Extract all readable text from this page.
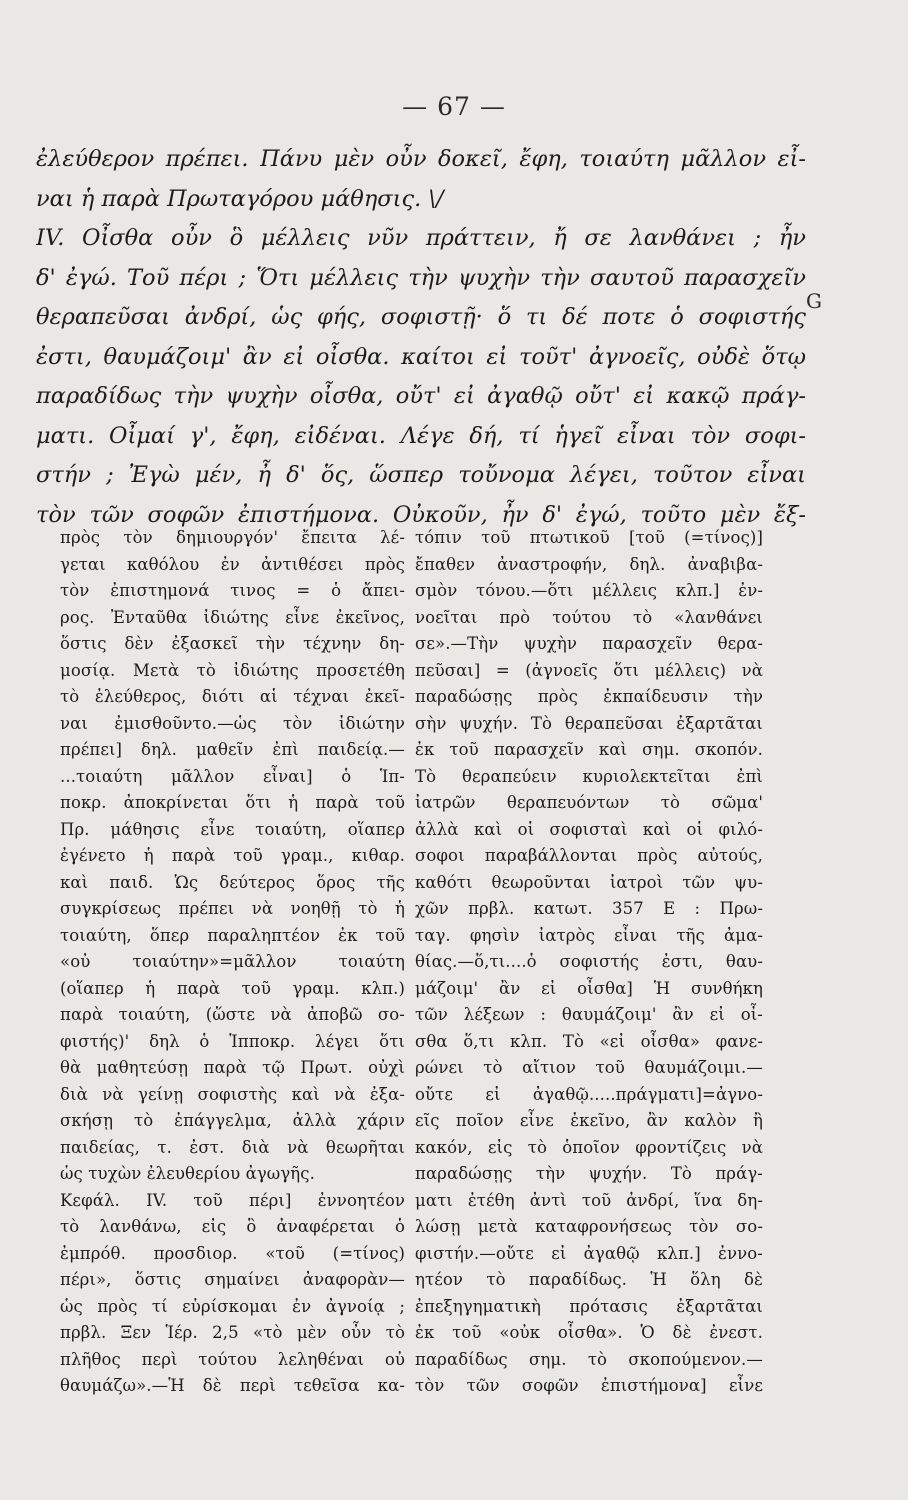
— 67 —
ἐλεύθερον πρέπει. Πάνυ μὲν οὖν δοκεῖ, ἔφη, τοιαύτη μᾶλλον εἶ-
ναι ἡ παρὰ Πρωταγόρου μάθησις. \/
IV. Οἶσθα οὖν ὃ μέλλεις νῦν πράττειν, ἤ σε λανθάνει ; ἦν
δ' ἐγώ. Τοῦ πέρι ; Ὅτι μέλλεις τὴν ψυχὴν τὴν σαυτοῦ παρασχεῖν
θεραπεῦσαι ἀνδρί, ὡς φής, σοφιστῇ· ὅ τι δέ ποτε ὁ σοφιστής
ἐστι, θαυμάζοιμ' ἂν εἰ οἶσθα. καίτοι εἰ τοῦτ' ἀγνοεῖς, οὐδὲ ὅτῳ
παραδίδως τὴν ψυχὴν οἶσθα, οὔτ' εἰ ἀγαθῷ οὔτ' εἰ κακῷ πράγ-
ματι. Οἶμαί γ', ἔφη, εἰδέναι. Λέγε δή, τί ἡγεῖ εἶναι τὸν σοφι-
στήν ; Ἐγὼ μέν, ἦ δ' ὅς, ὥσπερ τοὔνομα λέγει, τοῦτον εἶναι
τὸν τῶν σοφῶν ἐπιστήμονα. Οὐκοῦν, ἦν δ' ἐγώ, τοῦτο μὲν ἔξ-
G
πρὸς τὸν δημιουργόν' ἔπειτα λέ-
γεται καθόλου ἐν ἀντιθέσει πρὸς
τὸν ἐπιστημονά τινος = ὁ ἄπει-
ρος. Ἐνταῦθα ἰδιώτης εἶνε ἐκεῖνος,
ὅστις δὲν ἐξασκεῖ τὴν τέχνην δη-
μοσίᾳ. Μετὰ τὸ ἰδιώτης προσετέθη
τὸ ἐλεύθερος, διότι αἱ τέχναι ἐκεῖ-
ναι ἐμισθοῦντο.—ὡς τὸν ἰδιώτην
πρέπει] δηλ. μαθεῖν ἐπὶ παιδείᾳ.—
...τοιαύτη μᾶλλον εἶναι] ὁ Ἱπ-
ποκρ. ἀποκρίνεται ὅτι ἡ παρὰ τοῦ
Πρ. μάθησις εἶνε τοιαύτη, οἵαπερ
ἐγένετο ἡ παρὰ τοῦ γραμ., κιθαρ.
καὶ παιδ. Ὡς δεύτερος ὅρος τῆς
συγκρίσεως πρέπει νὰ νοηθῇ τὸ ἡ
τοιαύτη, ὅπερ παραληπτέον ἐκ τοῦ
«οὐ τοιαύτην»=μᾶλλον τοιαύτη
(οἵαπερ ἡ παρὰ τοῦ γραμ. κλπ.)
παρὰ τοιαύτη, (ὥστε νὰ ἀποβῶ σο-
φιστής)' δηλ ὁ Ἱπποκρ. λέγει ὅτι
θὰ μαθητεύσῃ παρὰ τῷ Πρωτ. οὐχὶ
διὰ νὰ γείνῃ σοφιστὴς καὶ νὰ ἐξα-
σκήσῃ τὸ ἐπάγγελμα, ἀλλὰ χάριν
παιδείας, τ. ἐστ. διὰ νὰ θεωρῆται
ὡς τυχὼν ἐλευθερίου ἀγωγῆς.
Κεφάλ. IV. τοῦ πέρι] ἐννοητέον
τὸ λανθάνω, εἰς ὃ ἀναφέρεται ὁ
ἐμπρόθ. προσδιορ. «τοῦ (=τίνος)
πέρι», ὅστις σημαίνει ἀναφορὰν—
ὡς πρὸς τί εὑρίσκομαι ἐν ἀγνοίᾳ ;
πρβλ. Ξεν Ἱέρ. 2,5 «τὸ μὲν οὖν τὸ
πλῆθος περὶ τούτου λεληθέναι οὐ
θαυμάζω».—Ἡ δὲ περὶ τεθεῖσα κα-
τόπιν τοῦ πτωτικοῦ [τοῦ (=τίνος)]
ἔπαθεν ἀναστροφήν, δηλ. ἀναβιβα-
σμὸν τόνου.—ὅτι μέλλεις κλπ.] ἐν-
νοεῖται πρὸ τούτου τὸ «λανθάνει
σε».—Τὴν ψυχὴν παρασχεῖν θερα-
πεῦσαι] = (ἀγνοεῖς ὅτι μέλλεις) νὰ
παραδώσῃς πρὸς ἐκπαίδευσιν τὴν
σὴν ψυχήν. Τὸ θεραπεῦσαι ἐξαρτᾶται
ἐκ τοῦ παρασχεῖν καὶ σημ. σκοπόν.
Τὸ θεραπεύειν κυριολεκτεῖται ἐπὶ
ἰατρῶν θεραπευόντων τὸ σῶμα'
ἀλλὰ καὶ οἱ σοφισταὶ καὶ οἱ φιλό-
σοφοι παραβάλλονται πρὸς αὐτούς,
καθότι θεωροῦνται ἰατροὶ τῶν ψυ-
χῶν πρβλ. κατωτ. 357 Ε : Πρω-
ταγ. φησὶν ἰατρὸς εἶναι τῆς ἀμα-
θίας.—ὅ,τι....ὁ σοφιστής ἐστι, θαυ-
μάζοιμ' ἂν εἰ οἶσθα] Ἡ συνθήκη
τῶν λέξεων : θαυμάζοιμ' ἂν εἰ οἶ-
σθα ὅ,τι κλπ. Τὸ «εἰ οἶσθα» φανε-
ρώνει τὸ αἴτιον τοῦ θαυμάζοιμι.—
οὔτε εἰ ἀγαθῷ.....πράγματι]=ἀγνο-
εῖς ποῖον εἶνε ἐκεῖνο, ἂν καλὸν ἢ
κακόν, εἰς τὸ ὁποῖον φροντίζεις νὰ
παραδώσῃς τὴν ψυχήν. Τὸ πράγ-
ματι ἐτέθη ἀντὶ τοῦ ἀνδρί, ἵνα δη-
λώσῃ μετὰ καταφρονήσεως τὸν σο-
φιστήν.—οὔτε εἰ ἀγαθῷ κλπ.] ἐννο-
ητέον τὸ παραδίδως. Ἡ ὅλη δὲ
ἐπεξηγηματικὴ πρότασις ἐξαρτᾶται
ἐκ τοῦ «οὐκ οἶσθα». Ὁ δὲ ἐνεστ.
παραδίδως σημ. τὸ σκοπούμενον.—
τὸν τῶν σοφῶν ἐπιστήμονα] εἶνε
